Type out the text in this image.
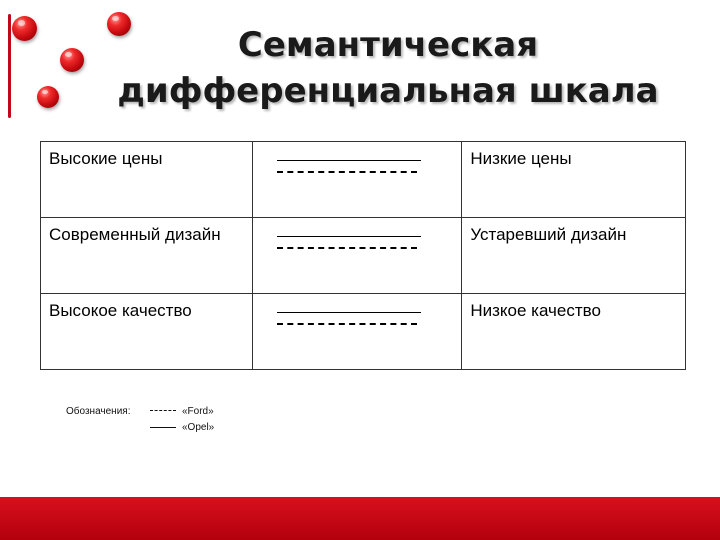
Семантическая
дифференциальная шкала
Высокие цены		Низкие цены
Современный дизайн		Устаревший дизайн
Высокое качество		Низкое качество
Обозначения:	«Ford»
«Opel»
